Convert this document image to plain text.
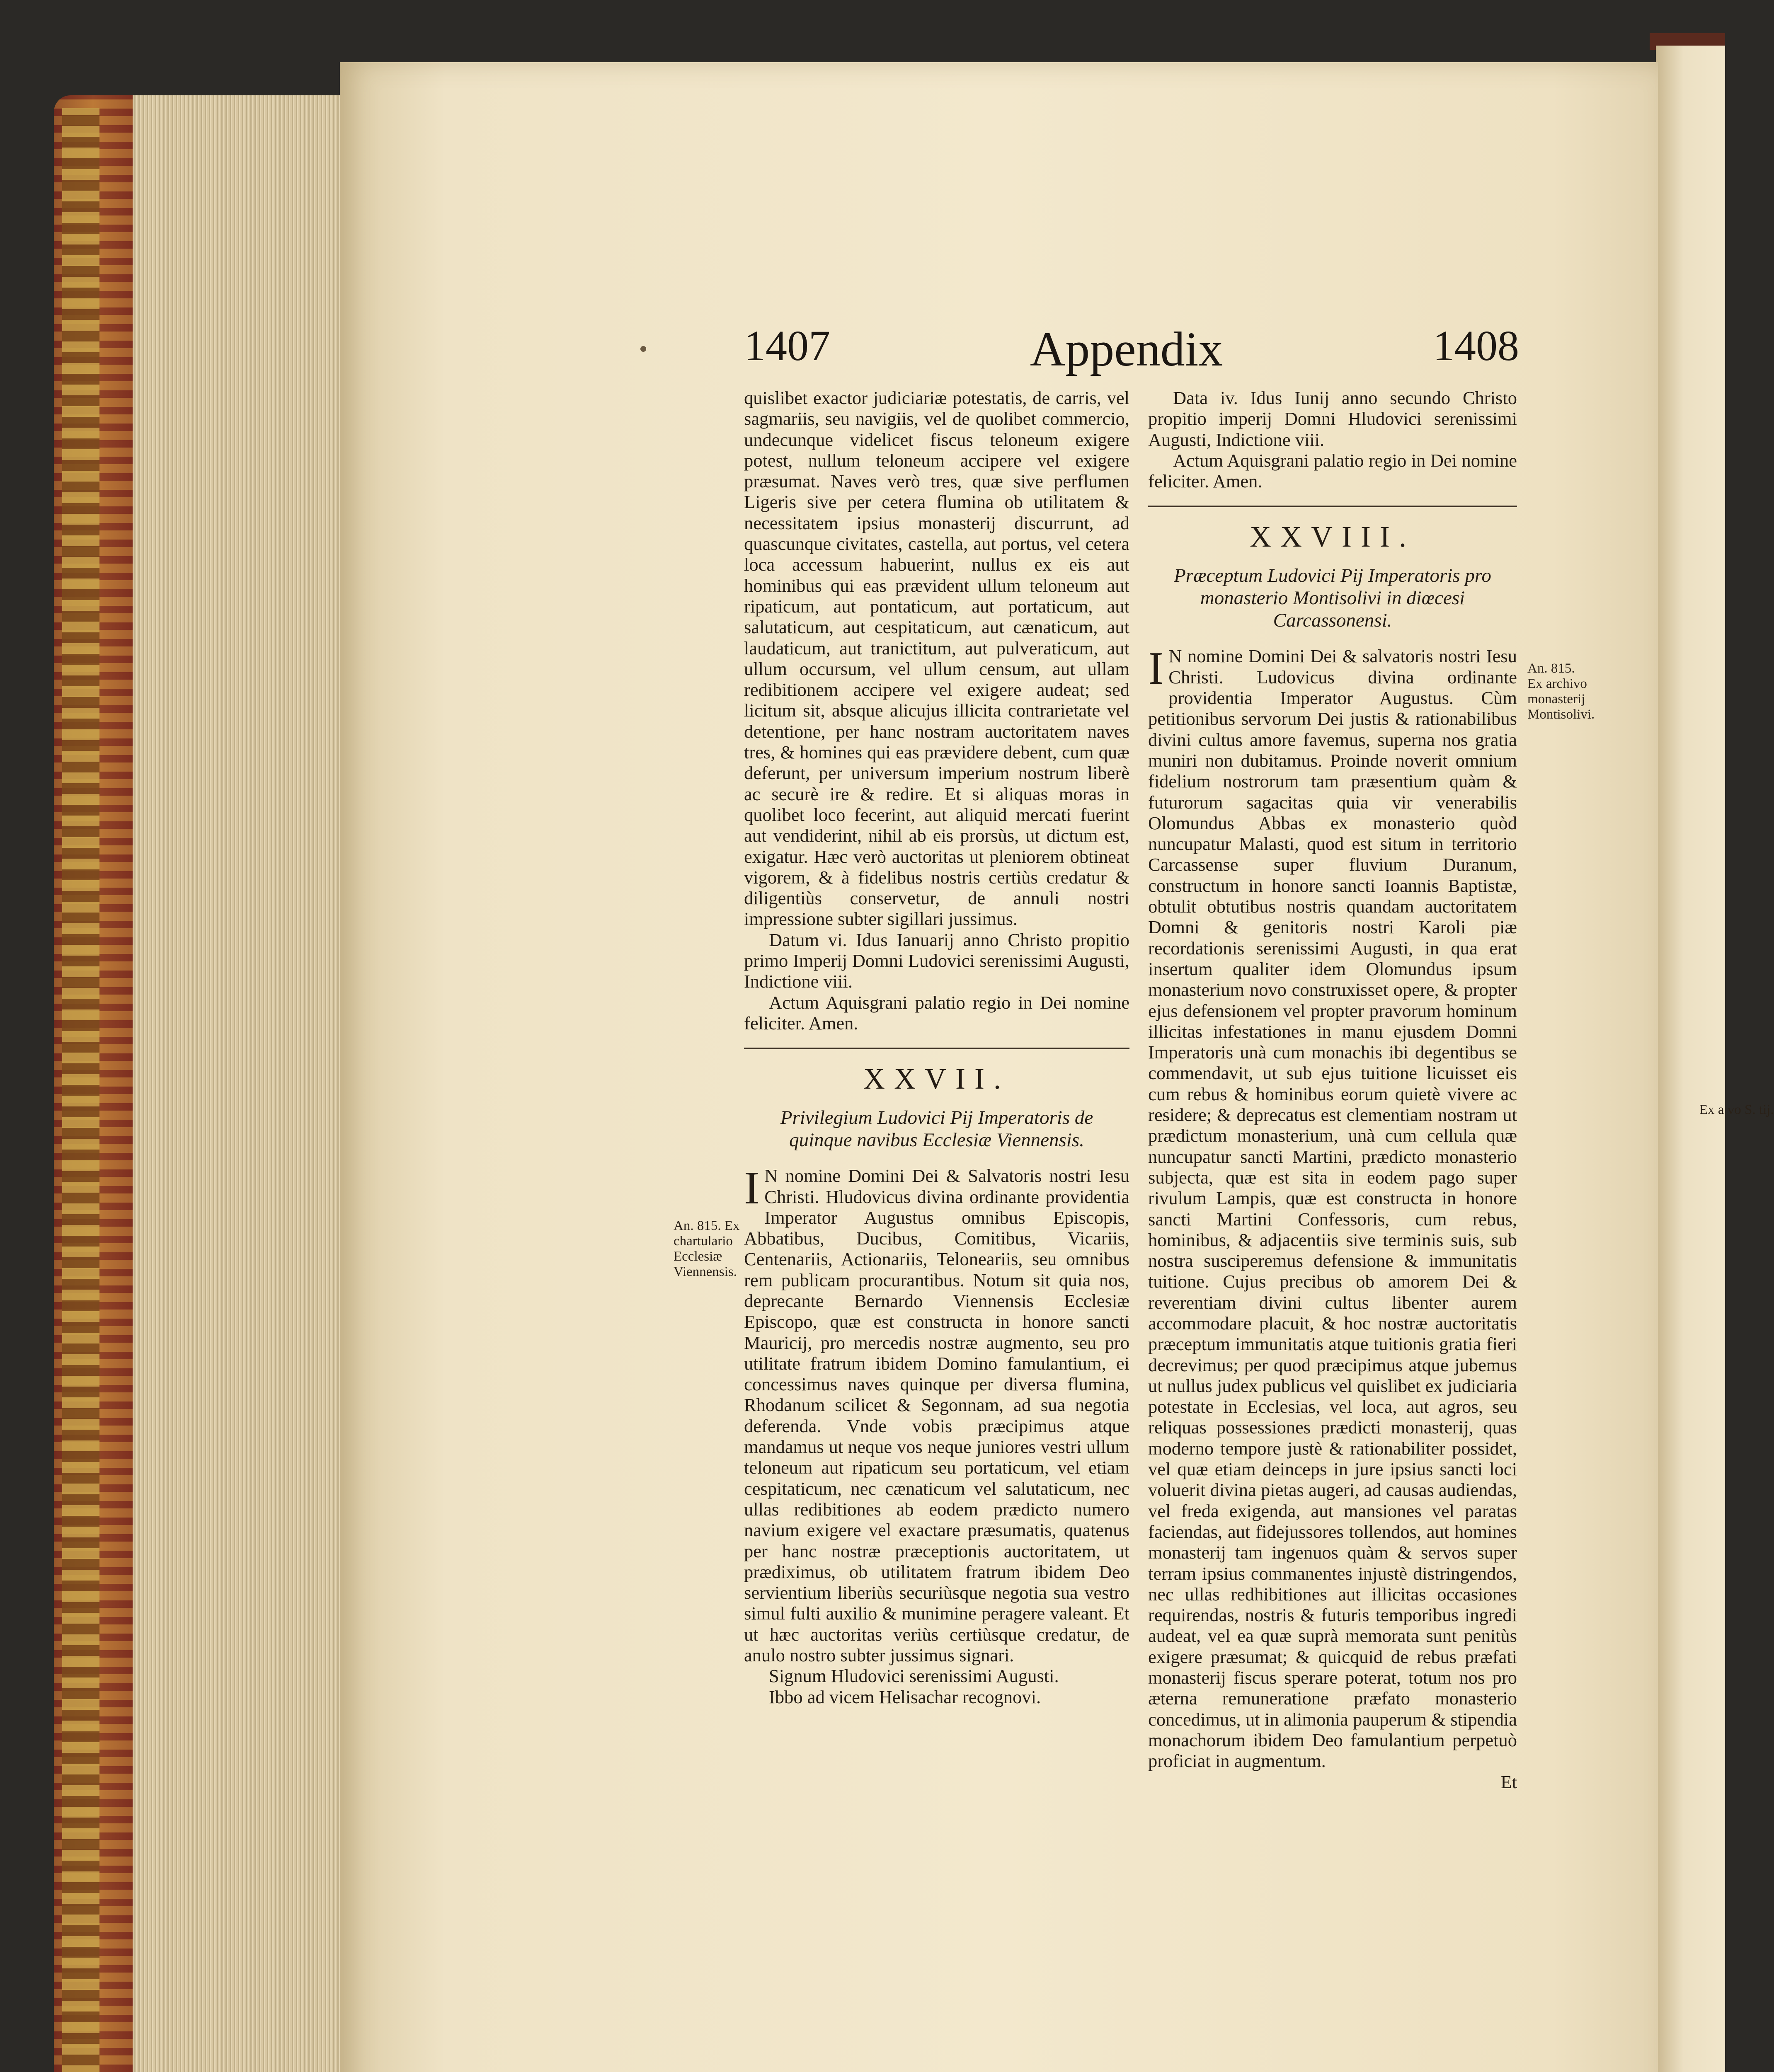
1407	Appendix	1408

quislibet exactor judiciariæ potestatis, de carris, vel sagmariis, seu navigiis, vel de quolibet commercio, undecunque videlicet fiscus teloneum exigere potest, nullum teloneum accipere vel exigere præsumat. Naves verò tres, quæ sive perflumen Ligeris sive per cetera flumina ob utilitatem & necessitatem ipsius monasterij discurrunt, ad quascunque civitates, castella, aut portus, vel cetera loca accessum habuerint, nullus ex eis aut hominibus qui eas prævident ullum teloneum aut ripaticum, aut pontaticum, aut portaticum, aut salutaticum, aut cespitaticum, aut cænaticum, aut laudaticum, aut tranictitum, aut pulveraticum, aut ullum occursum, vel ullum censum, aut ullam redibitionem accipere vel exigere audeat; sed licitum sit, absque alicujus illicita contrarietate vel detentione, per hanc nostram auctoritatem naves tres, & homines qui eas prævidere debent, cum quæ deferunt, per universum imperium nostrum liberè ac securè ire & redire. Et si aliquas moras in quolibet loco fecerint, aut aliquid mercati fuerint aut vendiderint, nihil ab eis prorsùs, ut dictum est, exigatur. Hæc verò auctoritas ut pleniorem obtineat vigorem, & à fidelibus nostris certiùs credatur & diligentiùs conservetur, de annuli nostri impressione subter sigillari jussimus.

Datum vi. Idus Ianuarij anno Christo propitio primo Imperij Domni Ludovici serenissimi Augusti, Indictione viii.

Actum Aquisgrani palatio regio in Dei nomine feliciter. Amen.

XXVII.
Privilegium Ludovici Pij Imperatoris de quinque navibus Ecclesiæ Viennensis.
I N nomine Domini Dei & Salvatoris nostri Iesu Christi. Hludovicus divina ordinante providentia Imperator Augustus omnibus Episcopis, Abbatibus, Ducibus, Comitibus, Vicariis, Centenariis, Actionariis, Telonearіis, seu omnibus rem publicam procurantibus. Notum sit quia nos, deprecante Bernardo Viennensis Ecclesiæ Episcopo, quæ est constructa in honore sancti Mauricij, pro mercedis nostræ augmento, seu pro utilitate fratrum ibidem Domino famulantium, ei concessimus naves quinque per diversa flumina, Rhodanum scilicet & Segonnam, ad sua negotia deferenda. Vnde vobis præcipimus atque mandamus ut neque vos neque juniores vestri ullum teloneum aut ripaticum seu portaticum, vel etiam cespitaticum, nec cænaticum vel salutaticum, nec ullas redibitiones ab eodem prædicto numero navium exigere vel exactare præsumatis, quatenus per hanc nostræ præceptionis auctoritatem, ut prædiximus, ob utilitatem fratrum ibidem Deo servientium liberiùs securiùsque negotia sua vestro simul fulti auxilio & munimine peragere valeant. Et ut hæc auctoritas veriùs certiùsque credatur, de anulo nostro subter jussimus signari.

Signum Hludovici serenissimi Augusti.

Ibbo ad vicem Helisachar recognovi.

An. 815. Ex chartulario Ecclesiæ Viennensis.

Data iv. Idus Iunij anno secundo Christo propitio imperij Domni Hludovici serenissimi Augusti, Indictione viii.

Actum Aquisgrani palatio regio in Dei nomine feliciter. Amen.

XXVIII.
Præceptum Ludovici Pij Imperatoris pro monasterio Montisolivi in diœcesi Carcassonensi.
I N nomine Domini Dei & salvatoris nostri Iesu Christi. Ludovicus divina ordinante providentia Imperator Augustus. Cùm petitionibus servorum Dei justis & rationabilibus divini cultus amore favemus, superna nos gratia muniri non dubitamus. Proinde noverit omnium fidelium nostrorum tam præsentium quàm & futurorum sagacitas quia vir venerabilis Olomundus Abbas ex monasterio quòd nuncupatur Malasti, quod est situm in territorio Carcassense super fluvium Duranum, constructum in honore sancti Ioannis Baptistæ, obtulit obtutibus nostris quandam auctoritatem Domni & genitoris nostri Karoli piæ recordationis serenissimi Augusti, in qua erat insertum qualiter idem Olomundus ipsum monasterium novo construxisset opere, & propter ejus defensionem vel propter pravorum hominum illicitas infestationes in manu ejusdem Domni Imperatoris unà cum monachis ibi degentibus se commendavit, ut sub ejus tuitione licuisset eis cum rebus & hominibus eorum quietè vivere ac residere; & deprecatus est clementiam nostram ut prædictum monasterium, unà cum cellula quæ nuncupatur sancti Martini, prædicto monasterio subjecta, quæ est sita in eodem pago super rivulum Lampis, quæ est constructa in honore sancti Martini Confessoris, cum rebus, hominibus, & adjacentiis sive terminis suis, sub nostra susciperemus defensione & immunitatis tuitione. Cujus precibus ob amorem Dei & reverentiam divini cultus libenter aurem accommodare placuit, & hoc nostræ auctoritatis præceptum immunitatis atque tuitionis gratia fieri decrevimus; per quod præcipimus atque jubemus ut nullus judex publicus vel quislibet ex judiciaria potestate in Ecclesias, vel loca, aut agros, seu reliquas possessiones prædicti monasterij, quas moderno tempore justè & rationabiliter possidet, vel quæ etiam deinceps in jure ipsius sancti loci voluerit divina pietas augeri, ad causas audiendas, vel freda exigenda, aut mansiones vel paratas faciendas, aut fidejussores tollendos, aut homines monasterij tam ingenuos quàm & servos super terram ipsius commanentes injustè distringendos, nec ullas redhibitiones aut illicitas occasiones requirendas, nostris & futuris temporibus ingredi audeat, vel ea quæ suprà memorata sunt penitùs exigere præsumat; & quicquid de rebus præfati monasterij fiscus sperare poterat, totum nos pro æterna remuneratione præfato monasterio concedimus, ut in alimonia pauperum & stipendia monachorum ibidem Deo famulantium perpetuò proficiat in augmentum.

Et

An. 815. Ex archivo monasterij Montisolivi.
Ex a vo S. tij.
